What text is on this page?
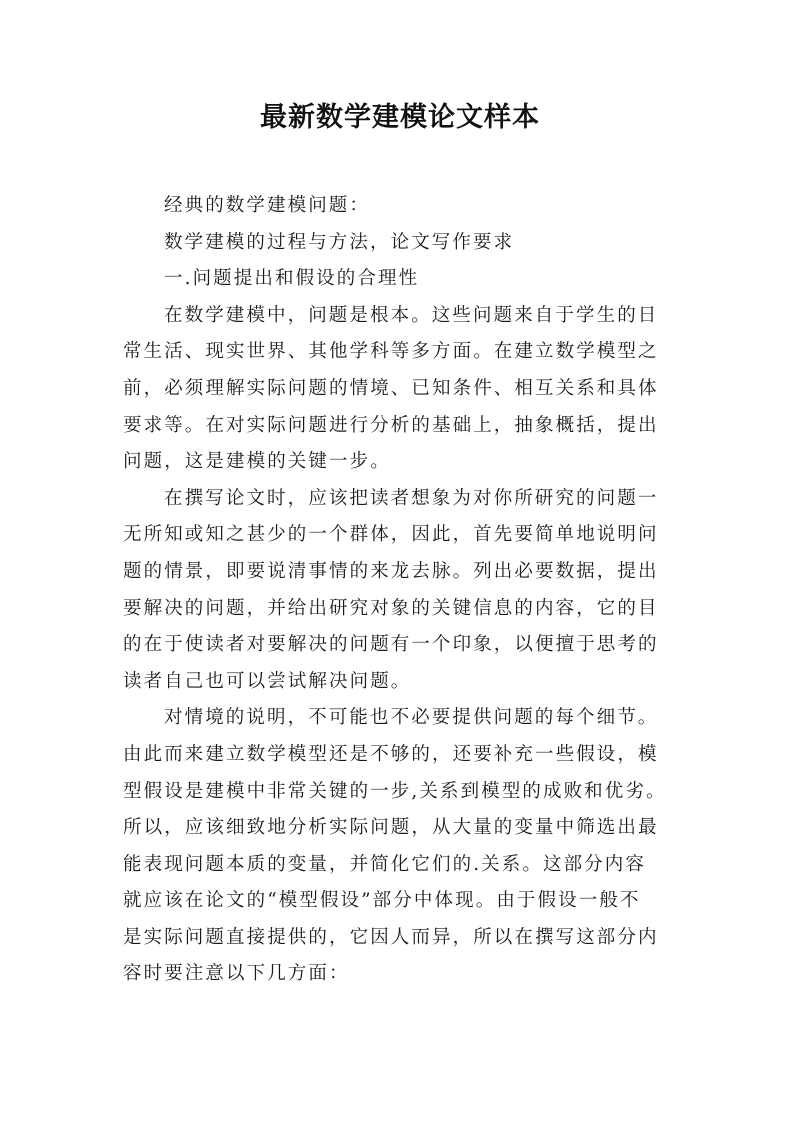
最新数学建模论文样本

经典的数学建模问题：

数学建模的过程与方法，论文写作要求

一.问题提出和假设的合理性

在数学建模中，问题是根本。这些问题来自于学生的日

常生活、现实世界、其他学科等多方面。在建立数学模型之

前，必须理解实际问题的情境、已知条件、相互关系和具体

要求等。在对实际问题进行分析的基础上，抽象概括，提出

问题，这是建模的关键一步。

在撰写论文时，应该把读者想象为对你所研究的问题一

无所知或知之甚少的一个群体，因此，首先要简单地说明问

题的情景，即要说清事情的来龙去脉。列出必要数据，提出

要解决的问题，并给出研究对象的关键信息的内容，它的目

的在于使读者对要解决的问题有一个印象，以便擅于思考的

读者自己也可以尝试解决问题。

对情境的说明，不可能也不必要提供问题的每个细节。

由此而来建立数学模型还是不够的，还要补充一些假设，模

型假设是建模中非常关键的一步,关系到模型的成败和优劣。

所以，应该细致地分析实际问题，从大量的变量中筛选出最

能表现问题本质的变量，并简化它们的.关系。这部分内容

就应该在论文的“模型假设”部分中体现。由于假设一般不

是实际问题直接提供的，它因人而异，所以在撰写这部分内

容时要注意以下几方面：
